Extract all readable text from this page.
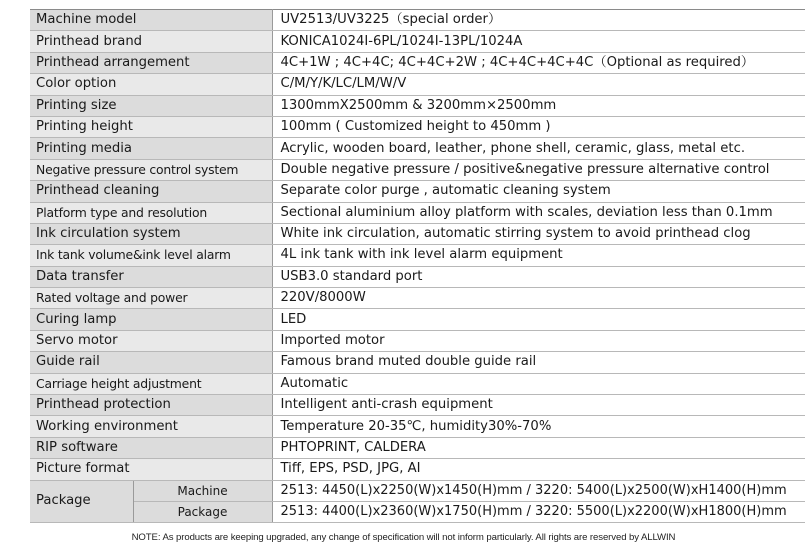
Machine model		UV2513/UV3225（special order）
Printhead brand		KONICA1024I-6PL/1024I-13PL/1024A
Printhead arrangement		4C+1W ; 4C+4C; 4C+4C+2W ; 4C+4C+4C+4C（Optional as required）
Color option		C/M/Y/K/LC/LM/W/V
Printing size		1300mmX2500mm & 3200mm×2500mm
Printing height		100mm ( Customized height to 450mm )
Printing media		Acrylic, wooden board, leather, phone shell, ceramic, glass, metal etc.
Negative pressure control system		Double negative pressure / positive&negative pressure alternative control
Printhead cleaning		Separate color purge , automatic cleaning system
Platform type and resolution		Sectional aluminium alloy platform with scales, deviation less than 0.1mm
Ink circulation system		White ink circulation, automatic stirring system to avoid printhead clog
Ink tank volume&ink level alarm		4L ink tank with ink level alarm equipment
Data transfer		USB3.0 standard port
Rated voltage and power		220V/8000W
Curing lamp		LED
Servo motor		Imported motor
Guide rail		Famous brand muted double guide rail
Carriage height adjustment		Automatic
Printhead protection		Intelligent anti-crash equipment
Working environment		Temperature 20-35℃, humidity30%-70%
RIP software		PHTOPRINT, CALDERA
Picture format		Tiff, EPS, PSD, JPG, AI
Package	Machine	2513: 4450(L)x2250(W)x1450(H)mm / 3220: 5400(L)x2500(W)xH1400(H)mm
	Package	2513: 4400(L)x2360(W)x1750(H)mm / 3220: 5500(L)x2200(W)xH1800(H)mm
NOTE: As products are keeping upgraded, any change of specification will not inform particularly. All rights are reserved by ALLWIN
